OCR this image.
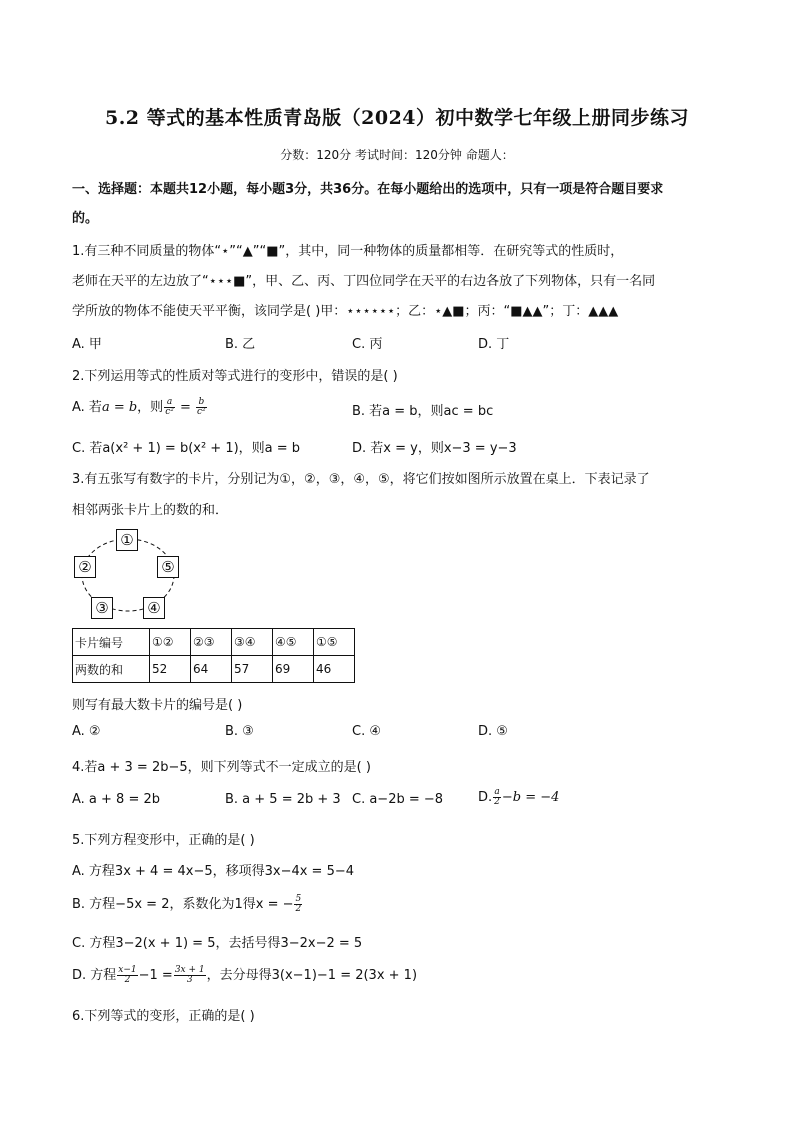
5.2 等式的基本性质青岛版（2024）初中数学七年级上册同步练习
分数：120分 考试时间：120分钟 命题人：
一、选择题：本题共12小题，每小题3分，共36分。在每小题给出的选项中，只有一项是符合题目要求
的。
1.有三种不同质量的物体“⋆”“▲”“■”，其中，同一种物体的质量都相等．在研究等式的性质时，
老师在天平的左边放了“⋆⋆⋆■”，甲、乙、丙、丁四位同学在天平的右边各放了下列物体，只有一名同
学所放的物体不能使天平平衡，该同学是( )甲：⋆⋆⋆⋆⋆⋆；乙：⋆▲■；丙：“■▲▲”；丁：▲▲▲
A. 甲	B. 乙	C. 丙	D. 丁
2.下列运用等式的性质对等式进行的变形中，错误的是( )
A. 若a = b，则 $\frac{a}{\text{c²}} = \frac{b}{\text{c²}}$	B. 若a = b，则ac = bc
C. 若a(x² + 1) = b(x² + 1)，则a = b	D. 若x = y，则x−3 = y−3
3.有五张写有数字的卡片，分别记为①，②，③，④，⑤，将它们按如图所示放置在桌上．下表记录了
相邻两张卡片上的数的和．
①
②	⑤
③	④
卡片编号	①②	②③	③④	④⑤	①⑤
两数的和	52	64	57	69	46
则写有最大数卡片的编号是( )
A. ②	B. ③	C. ④	D. ⑤
4.若a + 3 = 2b−5，则下列等式不一定成立的是( )
A. a + 8 = 2b	B. a + 5 = 2b + 3 C. a−2b = −8	D. $\frac{a}{2} -b = -4$
5.下列方程变形中，正确的是( )
A. 方程3x + 4 = 4x−5，移项得3x−4x = 5−4
B. 方程−5x = 2，系数化为1得x = − $\frac{5}{2}$
C. 方程3−2(x + 1) = 5，去括号得3−2x−2 = 5
D. 方程 $\frac{x-1}{2} -1 = \frac{3x + 1}{3}$ ，去分母得3(x−1)−1 = 2(3x + 1)
6.下列等式的变形，正确的是( )
